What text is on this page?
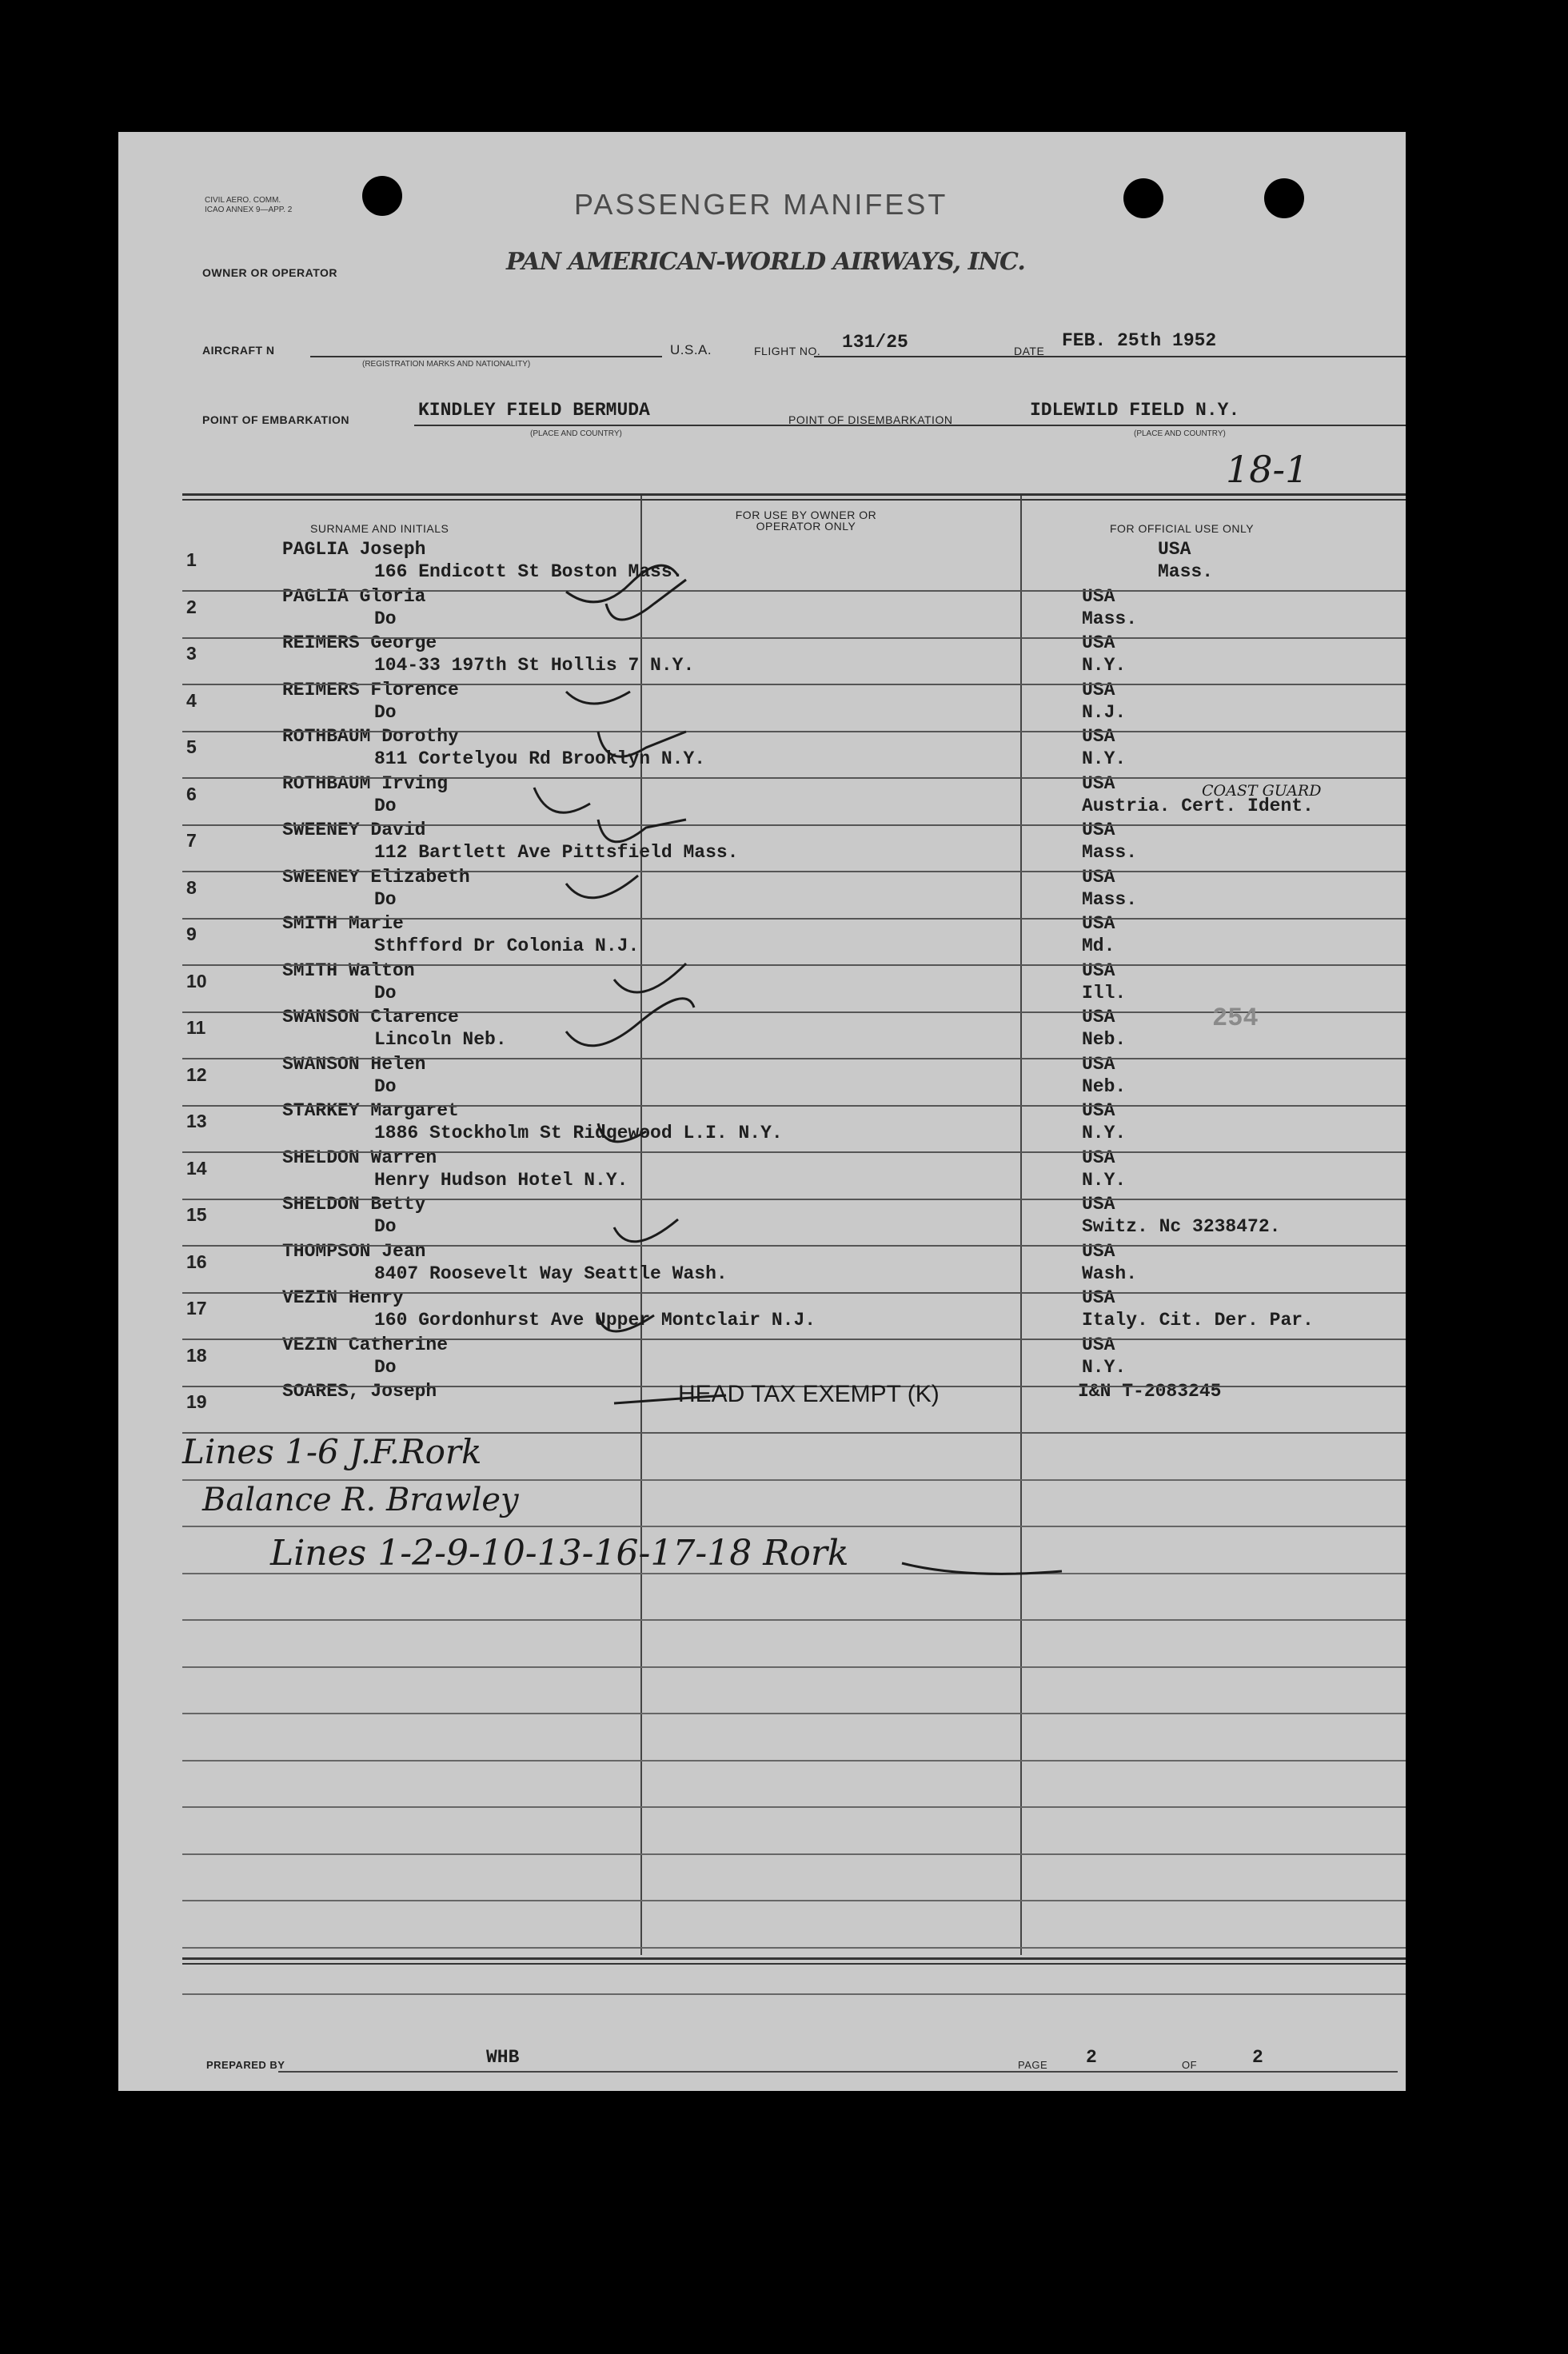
CIVIL AERO. COMM. ICAO ANNEX 9—APP. 2	PASSENGER MANIFEST
OWNER OR OPERATOR	PAN AMERICAN-WORLD AIRWAYS, INC.
AIRCRAFT N
(REGISTRATION MARKS AND NATIONALITY)
U.S.A.	FLIGHT NO. 131/25	DATE FEB. 25th 1952
POINT OF EMBARKATION	KINDLEY FIELD BERMUDA
(PLACE AND COUNTRY)
POINT OF DISEMBARKATION	IDLEWILD FIELD N.Y.
(PLACE AND COUNTRY)
18-1
SURNAME AND INITIALS
FOR USE BY OWNER OR OPERATOR ONLY	FOR OFFICIAL USE ONLY
1	PAGLIA Joseph
166 Endicott St Boston Mass.
USA
Mass.
2	PAGLIA Gloria
Do
USA
Mass.
3	REIMERS George
104-33 197th St Hollis 7 N.Y.
USA
N.Y.
4	REIMERS Florence
Do
USA
N.J.
5	ROTHBAUM Dorothy
811 Cortelyou Rd Brooklyn N.Y.
USA
N.Y.
6	ROTHBAUM Irving
Do
USA
Austria. Cert. Ident.
7	SWEENEY David
112 Bartlett Ave Pittsfield Mass.
USA
Mass.
8	SWEENEY Elizabeth
Do
USA
Mass.
9	SMITH Marie
Sthfford Dr Colonia N.J.
USA
Md.
10	SMITH Walton
Do
USA
Ill.
11	SWANSON Clarence
Lincoln Neb.
USA
Neb.
12	SWANSON Helen
Do
USA
Neb.
13	STARKEY Margaret
1886 Stockholm St Ridgewood L.I. N.Y.
USA
N.Y.
14	SHELDON Warren
Henry Hudson Hotel N.Y.
USA
N.Y.
15	SHELDON Betty
Do
USA
Switz. Nc 3238472.
16	THOMPSON Jean
8407 Roosevelt Way Seattle Wash.
USA
Wash.
17	VEZIN Henry
160 Gordonhurst Ave Upper Montclair N.J.
USA
Italy. Cit. Der. Par.
18	VEZIN Catherine
Do
USA
N.Y.
19	SOARES, Joseph	I&N T-2083245
COAST GUARD
HEAD TAX EXEMPT (K)
254
Lines 1-6 J.F.Rork
Balance R. Brawley
Lines 1-2-9-10-13-16-17-18 Rork
PREPARED BY	WHB	PAGE 2	OF	2
